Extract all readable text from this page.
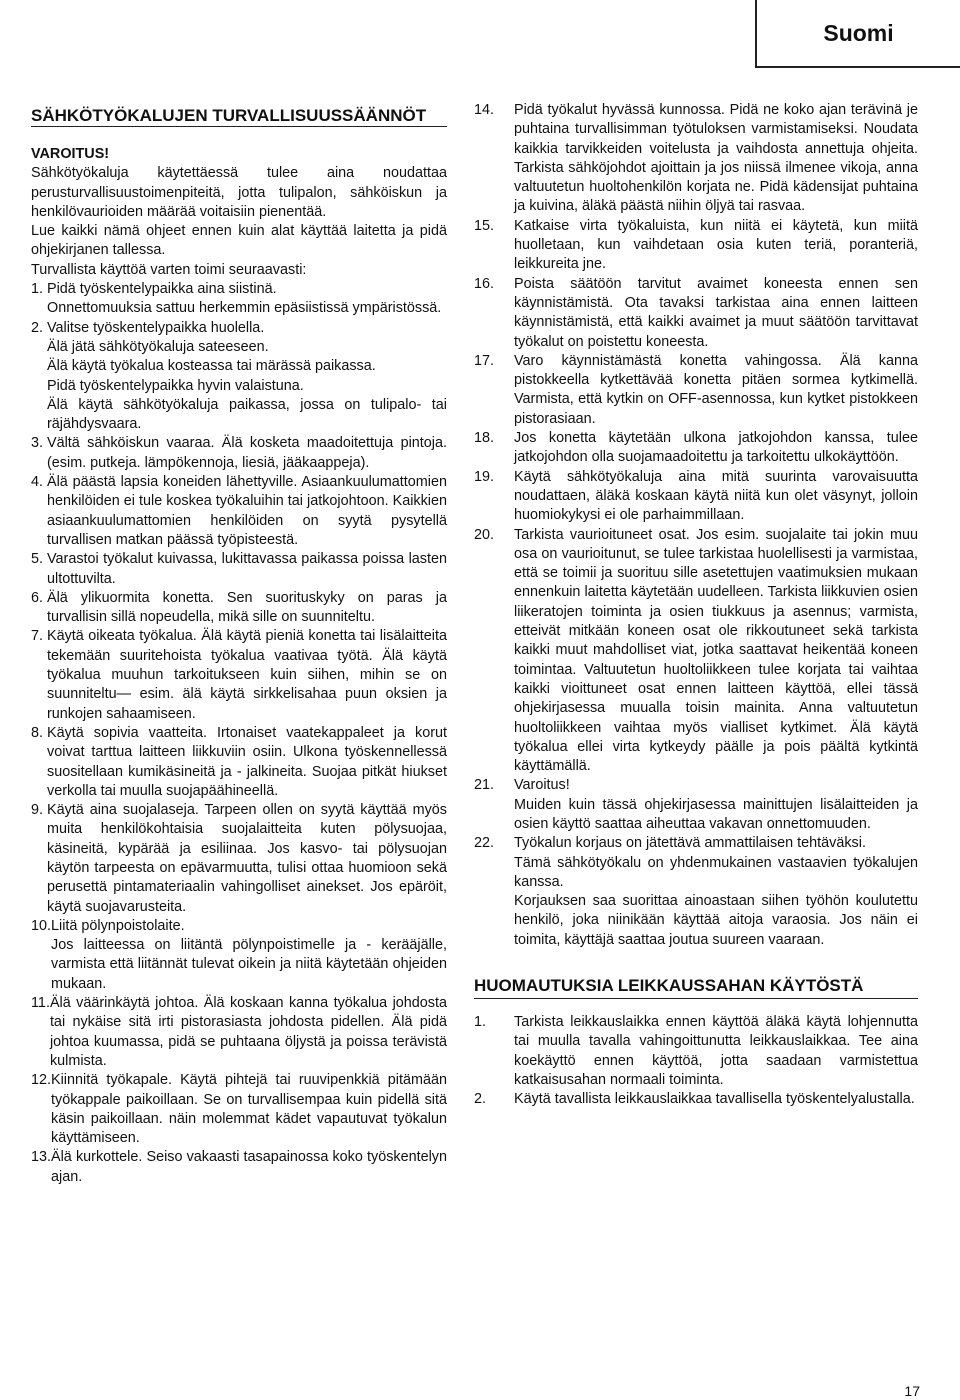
Suomi
SÄHKÖTYÖKALUJEN TURVALLISUUSSÄÄNNÖT
VAROITUS!

Sähkötyökaluja käytettäessä tulee aina noudattaa perusturvallisuustoimenpiteitä, jotta tulipalon, sähköiskun ja henkilövaurioiden määrää voitaisiin pienentää.

Lue kaikki nämä ohjeet ennen kuin alat käyttää laitetta ja pidä ohjekirjanen tallessa.

Turvallista käyttöä varten toimi seuraavasti:

1. Pidä työskentelypaikka aina siistinä.

Onnettomuuksia sattuu herkemmin epäsiistissä ympäristössä.

2. Valitse työskentelypaikka huolella.

Älä jätä sähkötyökaluja sateeseen.

Älä käytä työkalua kosteassa tai märässä paikassa.

Pidä työskentelypaikka hyvin valaistuna.

Älä käytä sähkötyökaluja paikassa, jossa on tulipalo- tai räjähdysvaara.

3. Vältä sähköiskun vaaraa. Älä kosketa maadoitettuja pintoja. (esim. putkeja. lämpökennoja, liesiä, jääkaappeja).

4. Älä päästä lapsia koneiden lähettyville. Asiaankuulumattomien henkilöiden ei tule koskea työkaluihin tai jatkojohtoon. Kaikkien asiaankuulumattomien henkilöiden on syytä pysytellä turvallisen matkan päässä työpisteestä.

5. Varastoi työkalut kuivassa, lukittavassa paikassa poissa lasten ultottuvilta.

6. Älä ylikuormita konetta. Sen suorituskyky on paras ja turvallisin sillä nopeudella, mikä sille on suunniteltu.

7. Käytä oikeata työkalua. Älä käytä pieniä konetta tai lisälaitteita tekemään suuritehoista työkalua vaativaa työtä. Älä käytä työkalua muuhun tarkoitukseen kuin siihen, mihin se on suunniteltu— esim. älä käytä sirkkelisahaa puun oksien ja runkojen sahaamiseen.

8. Käytä sopivia vaatteita. Irtonaiset vaatekappaleet ja korut voivat tarttua laitteen liikkuviin osiin. Ulkona työskennellessä suositellaan kumikäsineitä ja - jalkineita. Suojaa pitkät hiukset verkolla tai muulla suojapäähineellä.

9. Käytä aina suojalaseja. Tarpeen ollen on syytä käyttää myös muita henkilökohtaisia suojalaitteita kuten pölysuojaa, käsineitä, kypärää ja esiliinaa. Jos kasvo- tai pölysuojan käytön tarpeesta on epävarmuutta, tulisi ottaa huomioon sekä perusettä pintamateriaalin vahingolliset ainekset. Jos epäröit, käytä suojavarusteita.

10. Liitä pölynpoistolaite.

Jos laitteessa on liitäntä pölynpoistimelle ja - kerääjälle, varmista että liitännät tulevat oikein ja niitä käytetään ohjeiden mukaan.

11. Älä väärinkäytä johtoa. Älä koskaan kanna työkalua johdosta tai nykäise sitä irti pistorasiasta johdosta pidellen. Älä pidä johtoa kuumassa, pidä se puhtaana öljystä ja poissa terävistä kulmista.

12. Kiinnitä työkapale. Käytä pihtejä tai ruuvipenkkiä pitämään työkappale paikoillaan. Se on turvallisempaa kuin pidellä sitä käsin paikoillaan. näin molemmat kädet vapautuvat työkalun käyttämiseen.

13. Älä kurkottele. Seiso vakaasti tasapainossa koko työskentelyn ajan.

14.	Pidä työkalut hyvässä kunnossa. Pidä ne koko ajan terävinä je puhtaina turvallisimman työtuloksen varmistamiseksi. Noudata kaikkia tarvikkeiden voitelusta ja vaihdosta annettuja ohjeita. Tarkista sähköjohdot ajoittain ja jos niissä ilmenee vikoja, anna valtuutetun huoltohenkilön korjata ne. Pidä kädensijat puhtaina ja kuivina, äläkä päästä niihin öljyä tai rasvaa.

15.	Katkaise virta työkaluista, kun niitä ei käytetä, kun miitä huolletaan, kun vaihdetaan osia kuten teriä, poranteriä, leikkureita jne.

16.	Poista säätöön tarvitut avaimet koneesta ennen sen käynnistämistä. Ota tavaksi tarkistaa aina ennen laitteen käynnistämistä, että kaikki avaimet ja muut säätöön tarvittavat työkalut on poistettu koneesta.

17.	Varo käynnistämästä konetta vahingossa. Älä kanna pistokkeella kytkettävää konetta pitäen sormea kytkimellä. Varmista, että kytkin on OFF-asennossa, kun kytket pistokkeen pistorasiaan.

18.	Jos konetta käytetään ulkona jatkojohdon kanssa, tulee jatkojohdon olla suojamaadoitettu ja tarkoitettu ulkokäyttöön.

19.	Käytä sähkötyökaluja aina mitä suurinta varovaisuutta noudattaen, äläkä koskaan käytä niitä kun olet väsynyt, jolloin huomiokykysi ei ole parhaimmillaan.

20.	Tarkista vaurioituneet osat. Jos esim. suojalaite tai jokin muu osa on vaurioitunut, se tulee tarkistaa huolellisesti ja varmistaa, että se toimii ja suorituu sille asetettujen vaatimuksien mukaan ennenkuin laitetta käytetään uudelleen. Tarkista liikkuvien osien liikeratojen toiminta ja osien tiukkuus ja asennus; varmista, etteivät mitkään koneen osat ole rikkoutuneet sekä tarkista kaikki muut mahdolliset viat, jotka saattavat heikentää koneen toimintaa. Valtuutetun huoltoliikkeen tulee korjata tai vaihtaa kaikki vioittuneet osat ennen laitteen käyttöä, ellei tässä ohjekirjasessa muualla toisin mainita. Anna valtuutetun huoltoliikkeen vaihtaa myös vialliset kytkimet. Älä käytä työkalua ellei virta kytkeydy päälle ja pois päältä kytkintä käyttämällä.

21.	Varoitus!

Muiden kuin tässä ohjekirjasessa mainittujen lisälaitteiden ja osien käyttö saattaa aiheuttaa vakavan onnettomuuden.

22.	Työkalun korjaus on jätettävä ammattilaisen tehtäväksi.

Tämä sähkötyökalu on yhdenmukainen vastaavien työkalujen kanssa.

Korjauksen saa suorittaa ainoastaan siihen työhön koulutettu henkilö, joka niinikään käyttää aitoja varaosia. Jos näin ei toimita, käyttäjä saattaa joutua suureen vaaraan.

HUOMAUTUKSIA LEIKKAUSSAHAN KÄYTÖSTÄ
1.	Tarkista leikkauslaikka ennen käyttöä äläkä käytä lohjennutta tai muulla tavalla vahingoittunutta leikkauslaikkaa. Tee aina koekäyttö ennen käyttöä, jotta saadaan varmistettua katkaisusahan normaali toiminta.

2.	Käytä tavallista leikkauslaikkaa tavallisella työskentelyalustalla.

17
